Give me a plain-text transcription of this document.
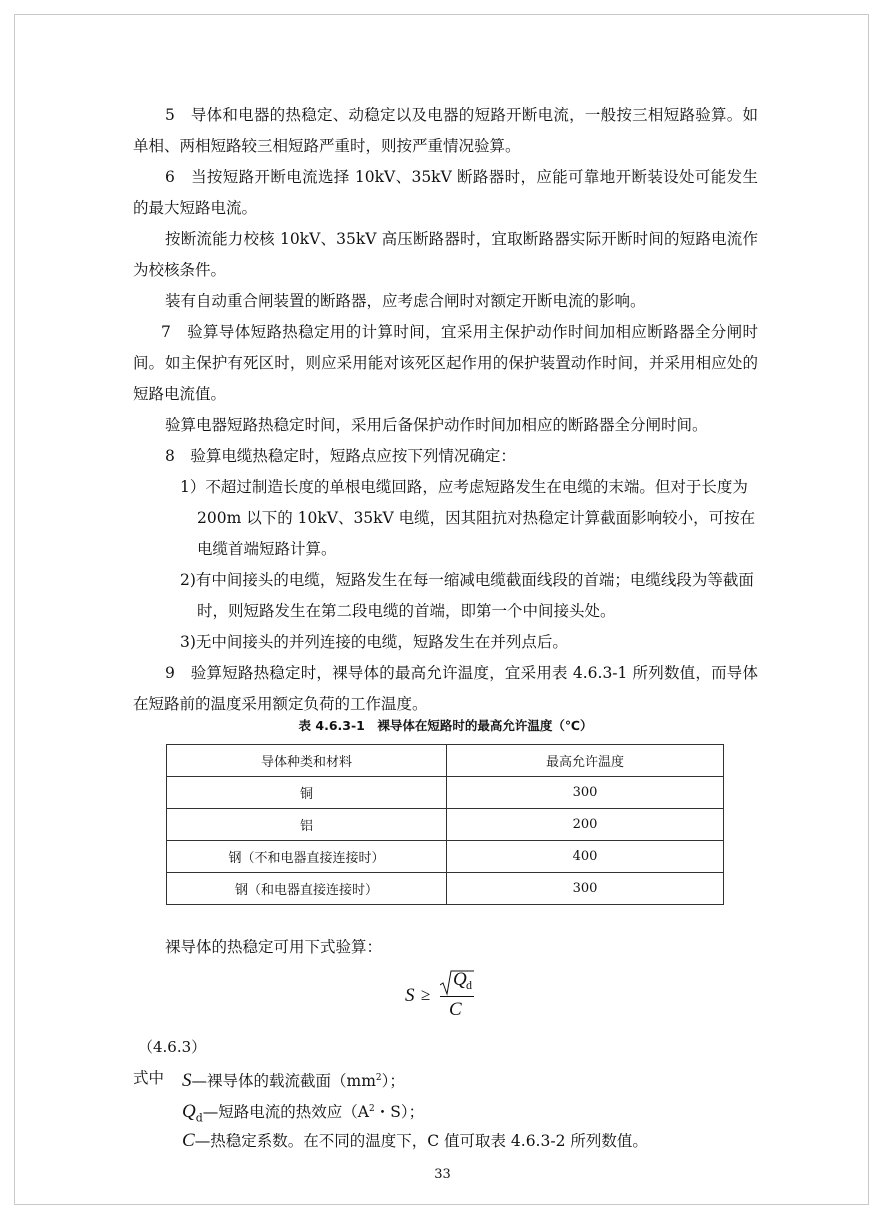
5　导体和电器的热稳定、动稳定以及电器的短路开断电流，一般按三相短路验算。如单相、两相短路较三相短路严重时，则按严重情况验算。

6　当按短路开断电流选择 10kV、35kV 断路器时，应能可靠地开断装设处可能发生的最大短路电流。

按断流能力校核 10kV、35kV 高压断路器时，宜取断路器实际开断时间的短路电流作为校核条件。

装有自动重合闸装置的断路器，应考虑合闸时对额定开断电流的影响。

7　验算导体短路热稳定用的计算时间，宜采用主保护动作时间加相应断路器全分闸时间。 如主保护有死区时，则应采用能对该死区起作用的保护装置动作时间，并采用相应处的短路电流值。

验算电器短路热稳定时间，采用后备保护动作时间加相应的断路器全分闸时间。

8　验算电缆热稳定时，短路点应按下列情况确定：

1）不超过制造长度的单根电缆回路，应考虑短路发生在电缆的末端。但对于长度为200m 以下的 10kV、35kV 电缆，因其阻抗对热稳定计算截面影响较小，可按在电缆首端短路计算。

2)有中间接头的电缆，短路发生在每一缩减电缆截面线段的首端；电缆线段为等截面时，则短路发生在第二段电缆的首端，即第一个中间接头处。

3)无中间接头的并列连接的电缆，短路发生在并列点后。

9　验算短路热稳定时，裸导体的最高允许温度，宜采用表 4.6.3-1 所列数值，而导体在短路前的温度采用额定负荷的工作温度。

表 4.6.3-1　裸导体在短路时的最高允许温度（℃）
导体种类和材料	最高允许温度
铜	300
铝	200
钢（不和电器直接连接时）	400
钢（和电器直接连接时）	300

裸导体的热稳定可用下式验算：

S ≥
Q d
C
（4.6.3）
式中 S—裸导体的载流截面$(mm^2)$；
$Q_d—$短路电流的热效应（$A^2$・S）；
C—热稳定系数。在不同的温度下，C 值可取表 4.6.3-2 所列数值。
33
